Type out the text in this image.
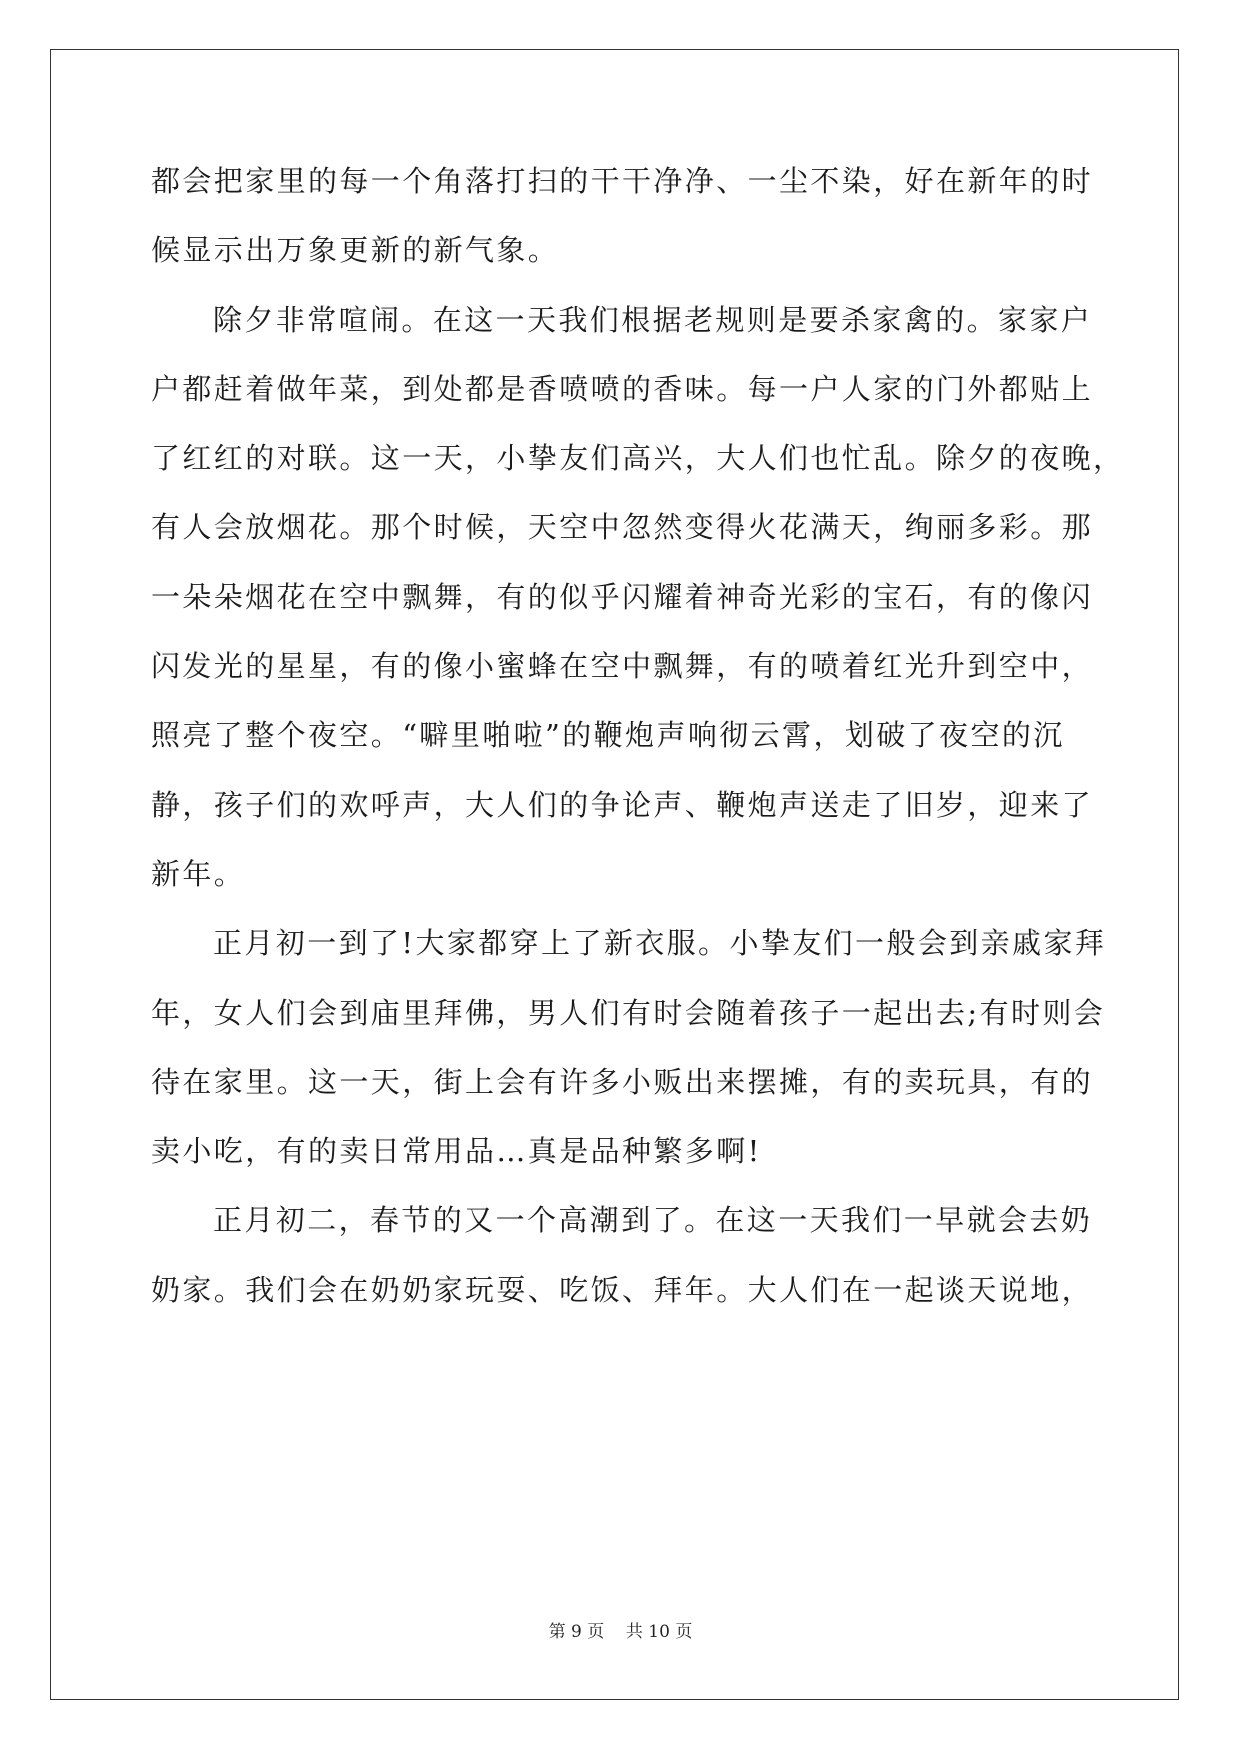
都会把家里的每一个角落打扫的干干净净、一尘不染，好在新年的时
候显示出万象更新的新气象。
除夕非常喧闹。在这一天我们根据老规则是要杀家禽的。家家户
户都赶着做年菜，到处都是香喷喷的香味。每一户人家的门外都贴上
了红红的对联。这一天，小挚友们高兴，大人们也忙乱。除夕的夜晚，
有人会放烟花。那个时候，天空中忽然变得火花满天，绚丽多彩。那
一朵朵烟花在空中飘舞，有的似乎闪耀着神奇光彩的宝石，有的像闪
闪发光的星星，有的像小蜜蜂在空中飘舞，有的喷着红光升到空中，
照亮了整个夜空。“噼里啪啦”的鞭炮声响彻云霄，划破了夜空的沉
静，孩子们的欢呼声，大人们的争论声、鞭炮声送走了旧岁，迎来了
新年。
正月初一到了!大家都穿上了新衣服。小挚友们一般会到亲戚家拜
年，女人们会到庙里拜佛，男人们有时会随着孩子一起出去;有时则会
待在家里。这一天，街上会有许多小贩出来摆摊，有的卖玩具，有的
卖小吃，有的卖日常用品…真是品种繁多啊!
正月初二，春节的又一个高潮到了。在这一天我们一早就会去奶
奶家。我们会在奶奶家玩耍、吃饭、拜年。大人们在一起谈天说地，
第 9 页    共 10 页
